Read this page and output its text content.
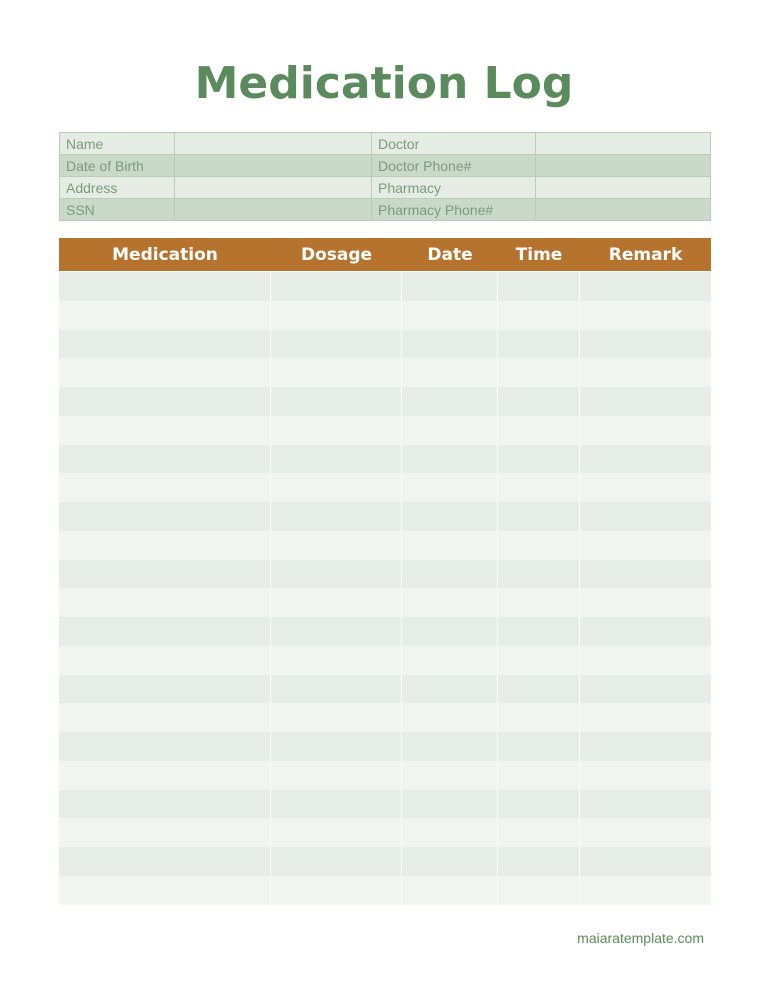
Medication Log
Name		Doctor	
Date of Birth		Doctor Phone#	
Address		Pharmacy	
SSN		Pharmacy Phone#	
Medication	Dosage	Date	Time	Remark
maiaratemplate.com
